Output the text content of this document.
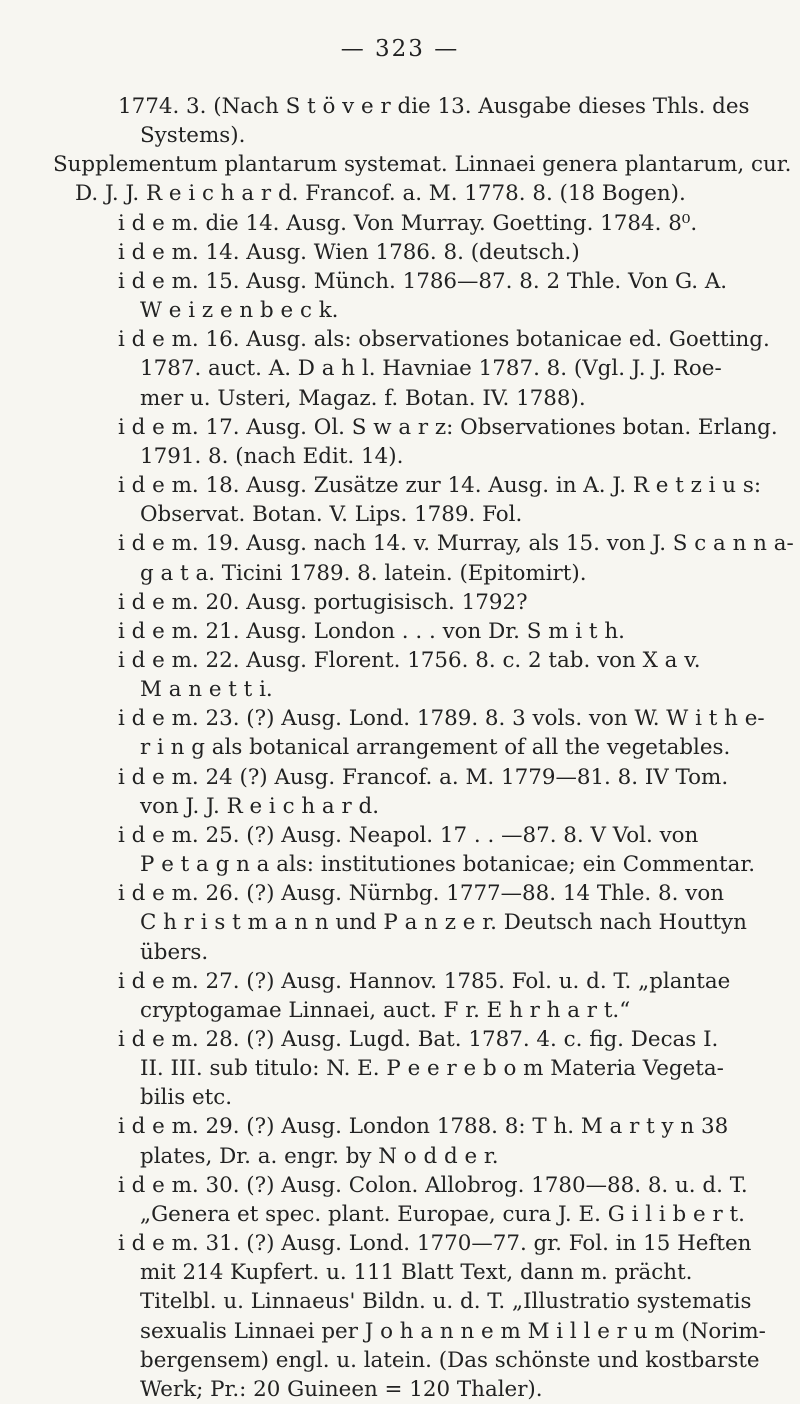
— 323 —
1774. 3. (Nach S t ö v e r die 13. Ausgabe dieses Thls. des
Systems).
Supplementum plantarum systemat. Linnaei genera plantarum, cur.
D. J. J. R e i c h a r d. Francof. a. M. 1778. 8. (18 Bogen).
i d e m. die 14. Ausg. Von Murray. Goetting. 1784. 8⁰.
i d e m. 14. Ausg. Wien 1786. 8. (deutsch.)
i d e m. 15. Ausg. Münch. 1786—87. 8. 2 Thle. Von G. A.
W e i z e n b e c k.
i d e m. 16. Ausg. als: observationes botanicae ed. Goetting.
1787. auct. A. D a h l. Havniae 1787. 8. (Vgl. J. J. Roe-
mer u. Usteri, Magaz. f. Botan. IV. 1788).
i d e m. 17. Ausg. Ol. S w a r z: Observationes botan. Erlang.
1791. 8. (nach Edit. 14).
i d e m. 18. Ausg. Zusätze zur 14. Ausg. in A. J. R e t z i u s:
Observat. Botan. V. Lips. 1789. Fol.
i d e m. 19. Ausg. nach 14. v. Murray, als 15. von J. S c a n n a-
g a t a. Ticini 1789. 8. latein. (Epitomirt).
i d e m. 20. Ausg. portugisisch. 1792?
i d e m. 21. Ausg. London . . . von Dr. S m i t h.
i d e m. 22. Ausg. Florent. 1756. 8. c. 2 tab. von X a v.
M a n e t t i.
i d e m. 23. (?) Ausg. Lond. 1789. 8. 3 vols. von W. W i t h e-
r i n g als botanical arrangement of all the vegetables.
i d e m. 24 (?) Ausg. Francof. a. M. 1779—81. 8. IV Tom.
von J. J. R e i c h a r d.
i d e m. 25. (?) Ausg. Neapol. 17 . . —87. 8. V Vol. von
P e t a g n a als: institutiones botanicae; ein Commentar.
i d e m. 26. (?) Ausg. Nürnbg. 1777—88. 14 Thle. 8. von
C h r i s t m a n n und P a n z e r. Deutsch nach Houttyn
übers.
i d e m. 27. (?) Ausg. Hannov. 1785. Fol. u. d. T. „plantae
cryptogamae Linnaei, auct. F r. E h r h a r t.“
i d e m. 28. (?) Ausg. Lugd. Bat. 1787. 4. c. fig. Decas I.
II. III. sub titulo: N. E. P e e r e b o m Materia Vegeta-
bilis etc.
i d e m. 29. (?) Ausg. London 1788. 8: T h. M a r t y n 38
plates, Dr. a. engr. by N o d d e r.
i d e m. 30. (?) Ausg. Colon. Allobrog. 1780—88. 8. u. d. T.
„Genera et spec. plant. Europae, cura J. E. G i l i b e r t.
i d e m. 31. (?) Ausg. Lond. 1770—77. gr. Fol. in 15 Heften
mit 214 Kupfert. u. 111 Blatt Text, dann m. prächt.
Titelbl. u. Linnaeus' Bildn. u. d. T. „Illustratio systematis
sexualis Linnaei per J o h a n n e m M i l l e r u m (Norim-
bergensem) engl. u. latein. (Das schönste und kostbarste
Werk; Pr.: 20 Guineen = 120 Thaler).
